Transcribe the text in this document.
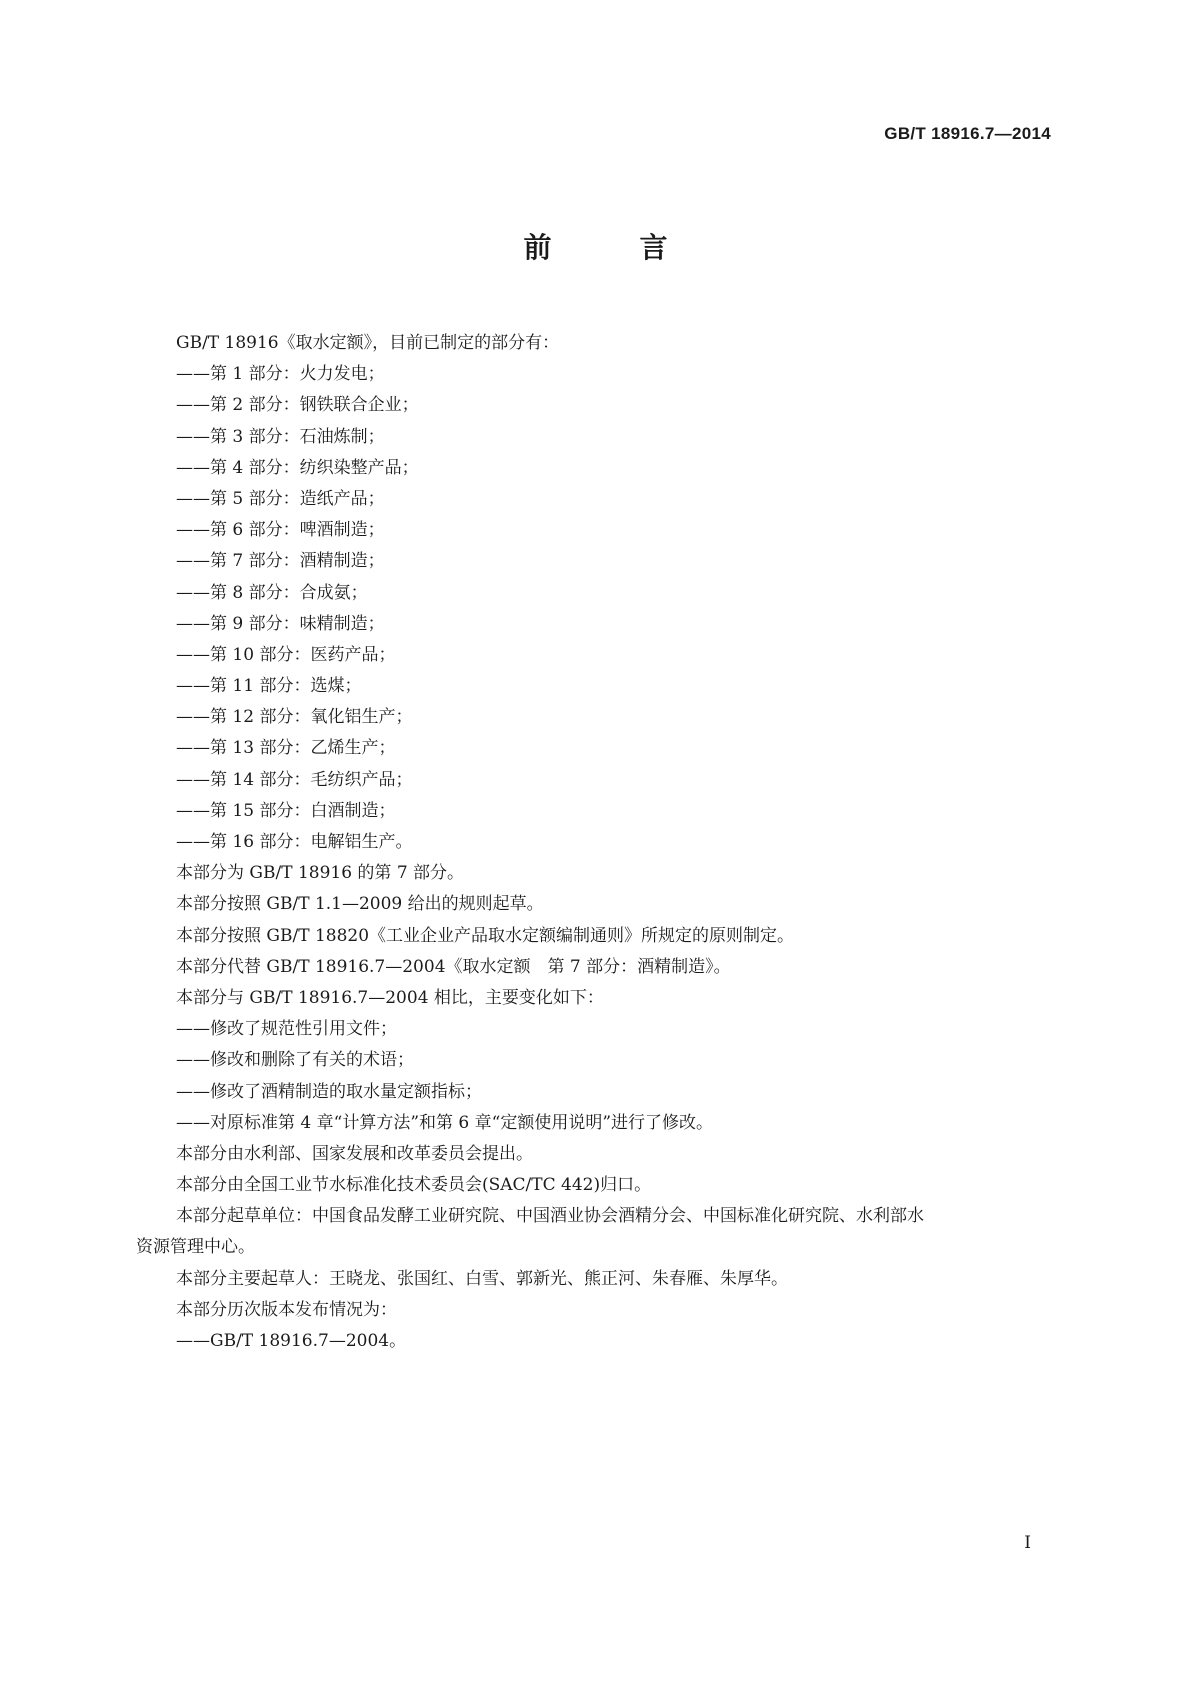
GB/T 18916.7—2014
前　言
GB/T 18916《取水定额》，目前已制定的部分有：
——第 1 部分：火力发电；
——第 2 部分：钢铁联合企业；
——第 3 部分：石油炼制；
——第 4 部分：纺织染整产品；
——第 5 部分：造纸产品；
——第 6 部分：啤酒制造；
——第 7 部分：酒精制造；
——第 8 部分：合成氨；
——第 9 部分：味精制造；
——第 10 部分：医药产品；
——第 11 部分：选煤；
——第 12 部分：氧化铝生产；
——第 13 部分：乙烯生产；
——第 14 部分：毛纺织产品；
——第 15 部分：白酒制造；
——第 16 部分：电解铝生产。
本部分为 GB/T 18916 的第 7 部分。
本部分按照 GB/T 1.1—2009 给出的规则起草。
本部分按照 GB/T 18820《工业企业产品取水定额编制通则》所规定的原则制定。
本部分代替 GB/T 18916.7—2004《取水定额　第 7 部分：酒精制造》。
本部分与 GB/T 18916.7—2004 相比，主要变化如下：
——修改了规范性引用文件；
——修改和删除了有关的术语；
——修改了酒精制造的取水量定额指标；
——对原标准第 4 章“计算方法”和第 6 章“定额使用说明”进行了修改。
本部分由水利部、国家发展和改革委员会提出。
本部分由全国工业节水标准化技术委员会(SAC/TC 442)归口。
本部分起草单位：中国食品发酵工业研究院、中国酒业协会酒精分会、中国标准化研究院、水利部水
资源管理中心。
本部分主要起草人：王晓龙、张国红、白雪、郭新光、熊正河、朱春雁、朱厚华。
本部分历次版本发布情况为：
——GB/T 18916.7—2004。
I
